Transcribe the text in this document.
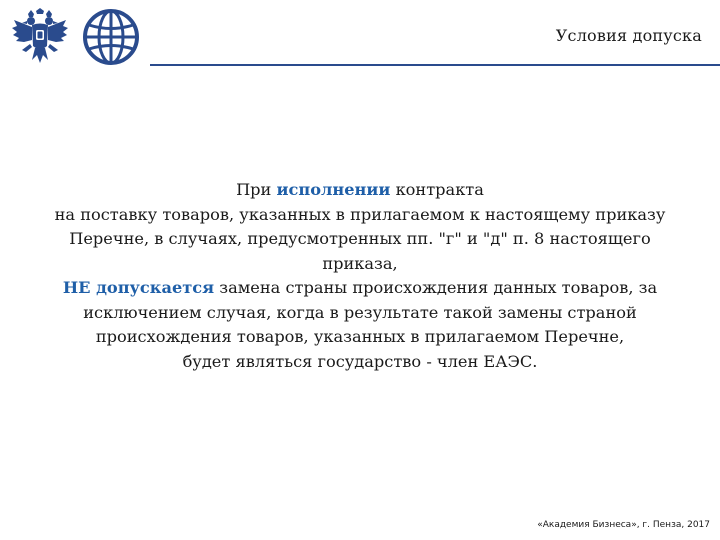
Условия допуска
При исполнении контракта
на поставку товаров, указанных в прилагаемом к настоящему приказу
Перечне, в случаях, предусмотренных пп. "г" и "д" п. 8 настоящего
приказа,
НЕ допускается замена страны происхождения данных товаров, за
исключением случая, когда в результате такой замены страной
происхождения товаров, указанных в прилагаемом Перечне,
будет являться государство - член ЕАЭС.
«Академия Бизнеса», г. Пенза, 2017
